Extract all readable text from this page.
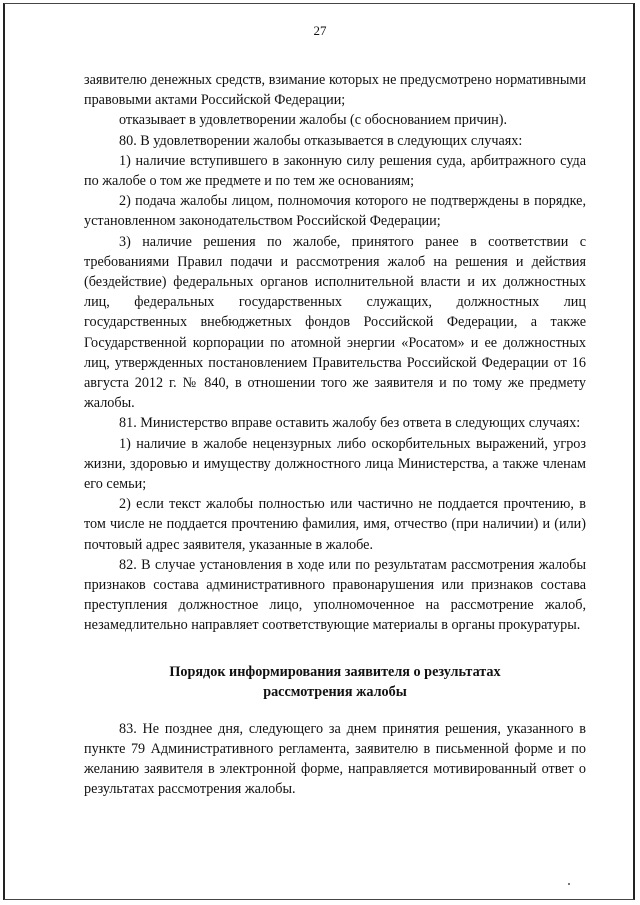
27

заявителю денежных средств, взимание которых не предусмотрено нормативными правовыми актами Российской Федерации;

отказывает в удовлетворении жалобы (с обоснованием причин).

80. В удовлетворении жалобы отказывается в следующих случаях:

1) наличие вступившего в законную силу решения суда, арбитражного суда по жалобе о том же предмете и по тем же основаниям;

2) подача жалобы лицом, полномочия которого не подтверждены в порядке, установленном законодательством Российской Федерации;

3) наличие решения по жалобе, принятого ранее в соответствии с требованиями Правил подачи и рассмотрения жалоб на решения и действия (бездействие) федеральных органов исполнительной власти и их должностных лиц, федеральных государственных служащих, должностных лиц государственных внебюджетных фондов Российской Федерации, а также Государственной корпорации по атомной энергии «Росатом» и ее должностных лиц, утвержденных постановлением Правительства Российской Федерации от 16 августа 2012 г. № 840, в отношении того же заявителя и по тому же предмету жалобы.

81. Министерство вправе оставить жалобу без ответа в следующих случаях:

1) наличие в жалобе нецензурных либо оскорбительных выражений, угроз жизни, здоровью и имуществу должностного лица Министерства, а также членам его семьи;

2) если текст жалобы полностью или частично не поддается прочтению, в том числе не поддается прочтению фамилия, имя, отчество (при наличии) и (или) почтовый адрес заявителя, указанные в жалобе.

82. В случае установления в ходе или по результатам рассмотрения жалобы признаков состава административного правонарушения или признаков состава преступления должностное лицо, уполномоченное на рассмотрение жалоб, незамедлительно направляет соответствующие материалы в органы прокуратуры.

Порядок информирования заявителя о результатах
рассмотрения жалобы

83. Не позднее дня, следующего за днем принятия решения, указанного в пункте 79 Административного регламента, заявителю в письменной форме и по желанию заявителя в электронной форме, направляется мотивированный ответ о результатах рассмотрения жалобы.
